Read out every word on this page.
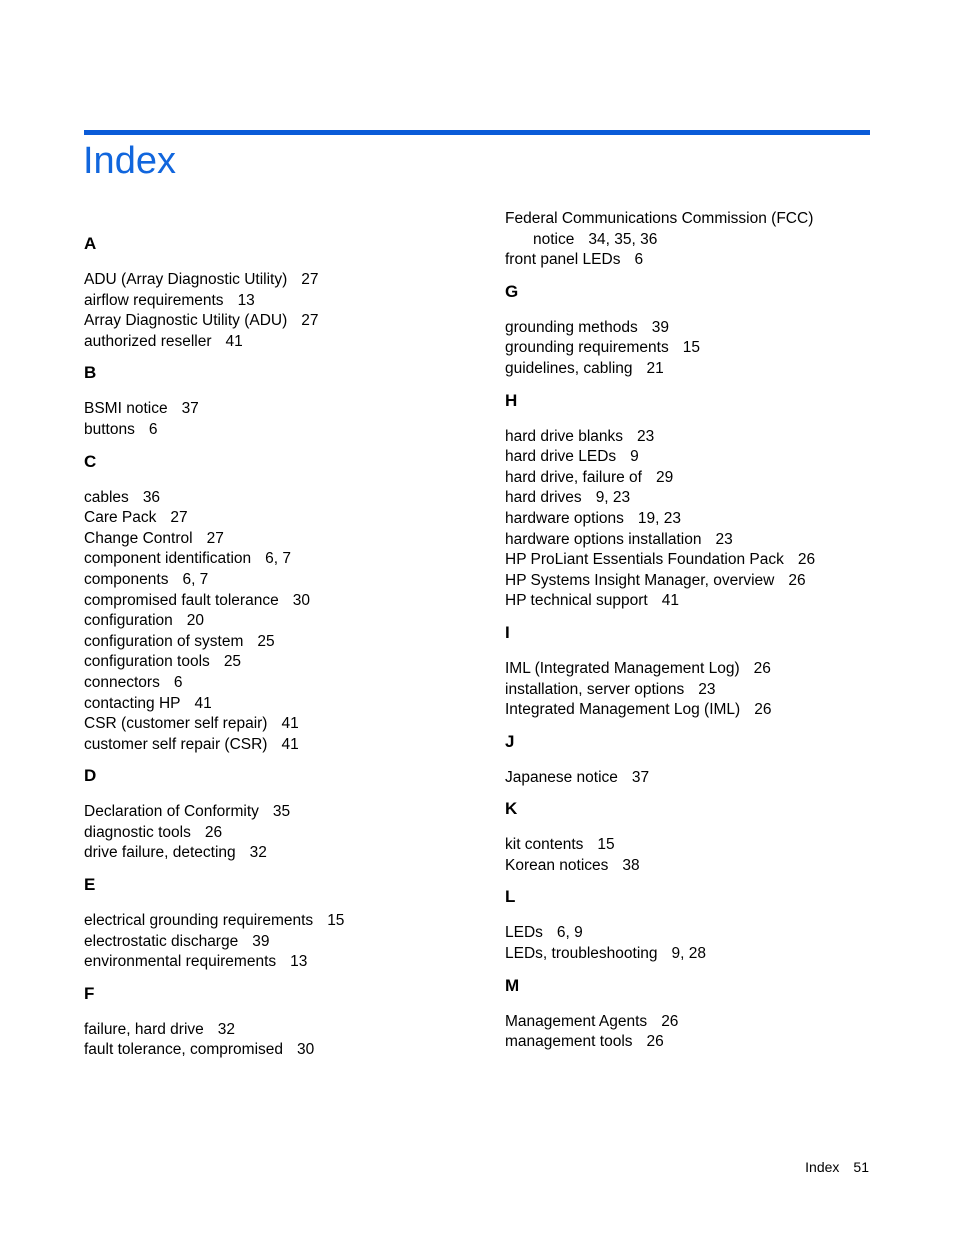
Index
A
ADU (Array Diagnostic Utility) 27
airflow requirements 13
Array Diagnostic Utility (ADU) 27
authorized reseller 41
B
BSMI notice 37
buttons 6
C
cables 36
Care Pack 27
Change Control 27
component identification 6, 7
components 6, 7
compromised fault tolerance 30
configuration 20
configuration of system 25
configuration tools 25
connectors 6
contacting HP 41
CSR (customer self repair) 41
customer self repair (CSR) 41
D
Declaration of Conformity 35
diagnostic tools 26
drive failure, detecting 32
E
electrical grounding requirements 15
electrostatic discharge 39
environmental requirements 13
F
failure, hard drive 32
fault tolerance, compromised 30
Federal Communications Commission (FCC)
notice 34, 35, 36
front panel LEDs 6
G
grounding methods 39
grounding requirements 15
guidelines, cabling 21
H
hard drive blanks 23
hard drive LEDs 9
hard drive, failure of 29
hard drives 9, 23
hardware options 19, 23
hardware options installation 23
HP ProLiant Essentials Foundation Pack 26
HP Systems Insight Manager, overview 26
HP technical support 41
I
IML (Integrated Management Log) 26
installation, server options 23
Integrated Management Log (IML) 26
J
Japanese notice 37
K
kit contents 15
Korean notices 38
L
LEDs 6, 9
LEDs, troubleshooting 9, 28
M
Management Agents 26
management tools 26
Index 51
